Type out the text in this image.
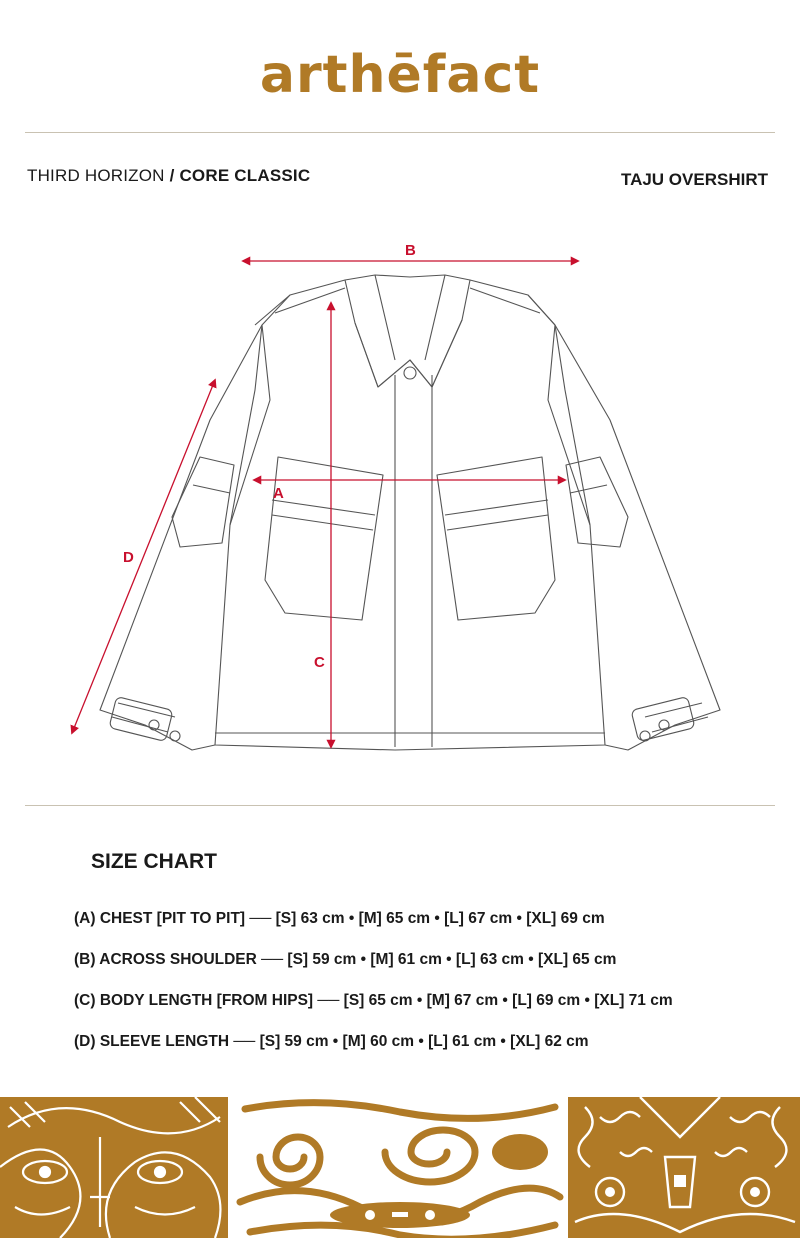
arthēfact
THIRD HORIZON / CORE CLASSIC	TAJU OVERSHIRT
B
A
C
D
SIZE CHART
(A) CHEST [PIT TO PIT] ── [S] 63 cm • [M] 65 cm • [L] 67 cm • [XL] 69 cm
(B) ACROSS SHOULDER ── [S] 59 cm • [M] 61 cm • [L] 63 cm • [XL] 65 cm
(C) BODY LENGTH [FROM HIPS] ── [S] 65 cm • [M] 67 cm • [L] 69 cm • [XL] 71 cm
(D) SLEEVE LENGTH ── [S] 59 cm • [M] 60 cm • [L] 61 cm • [XL] 62 cm
